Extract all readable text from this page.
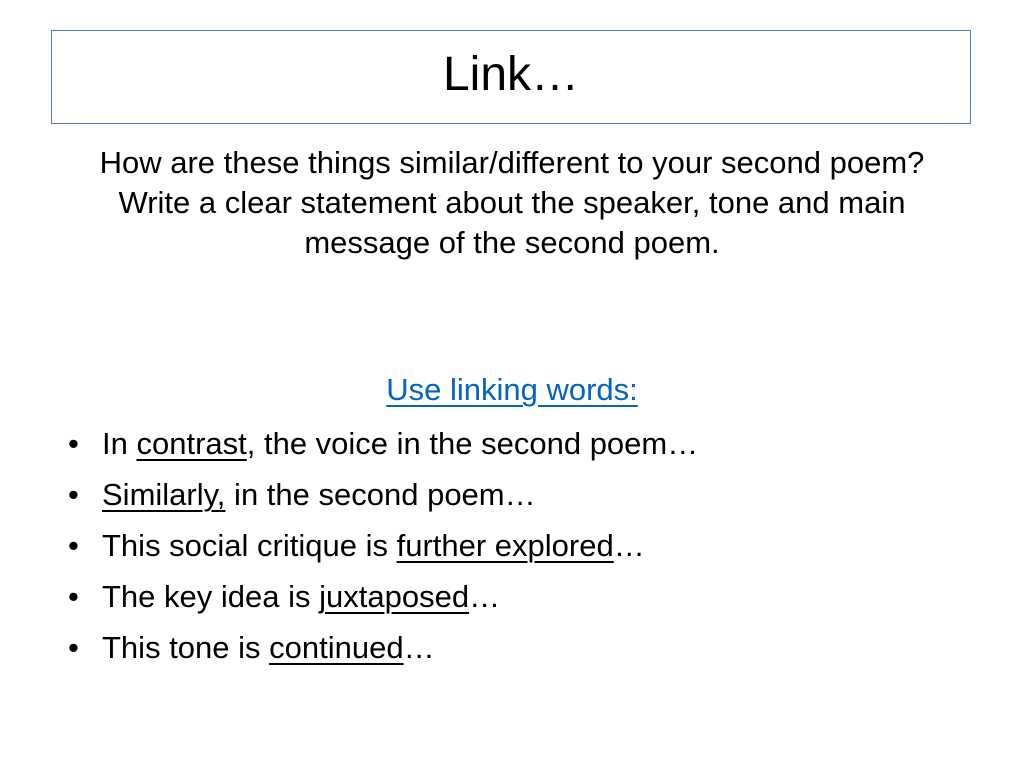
Link…

How are these things similar/different to your second poem? Write a clear statement about the speaker, tone and main message of the second poem.

Use linking words:
• In contrast, the voice in the second poem…
• Similarly, in the second poem…
• This social critique is further explored…
• The key idea is juxtaposed…
• This tone is continued…
